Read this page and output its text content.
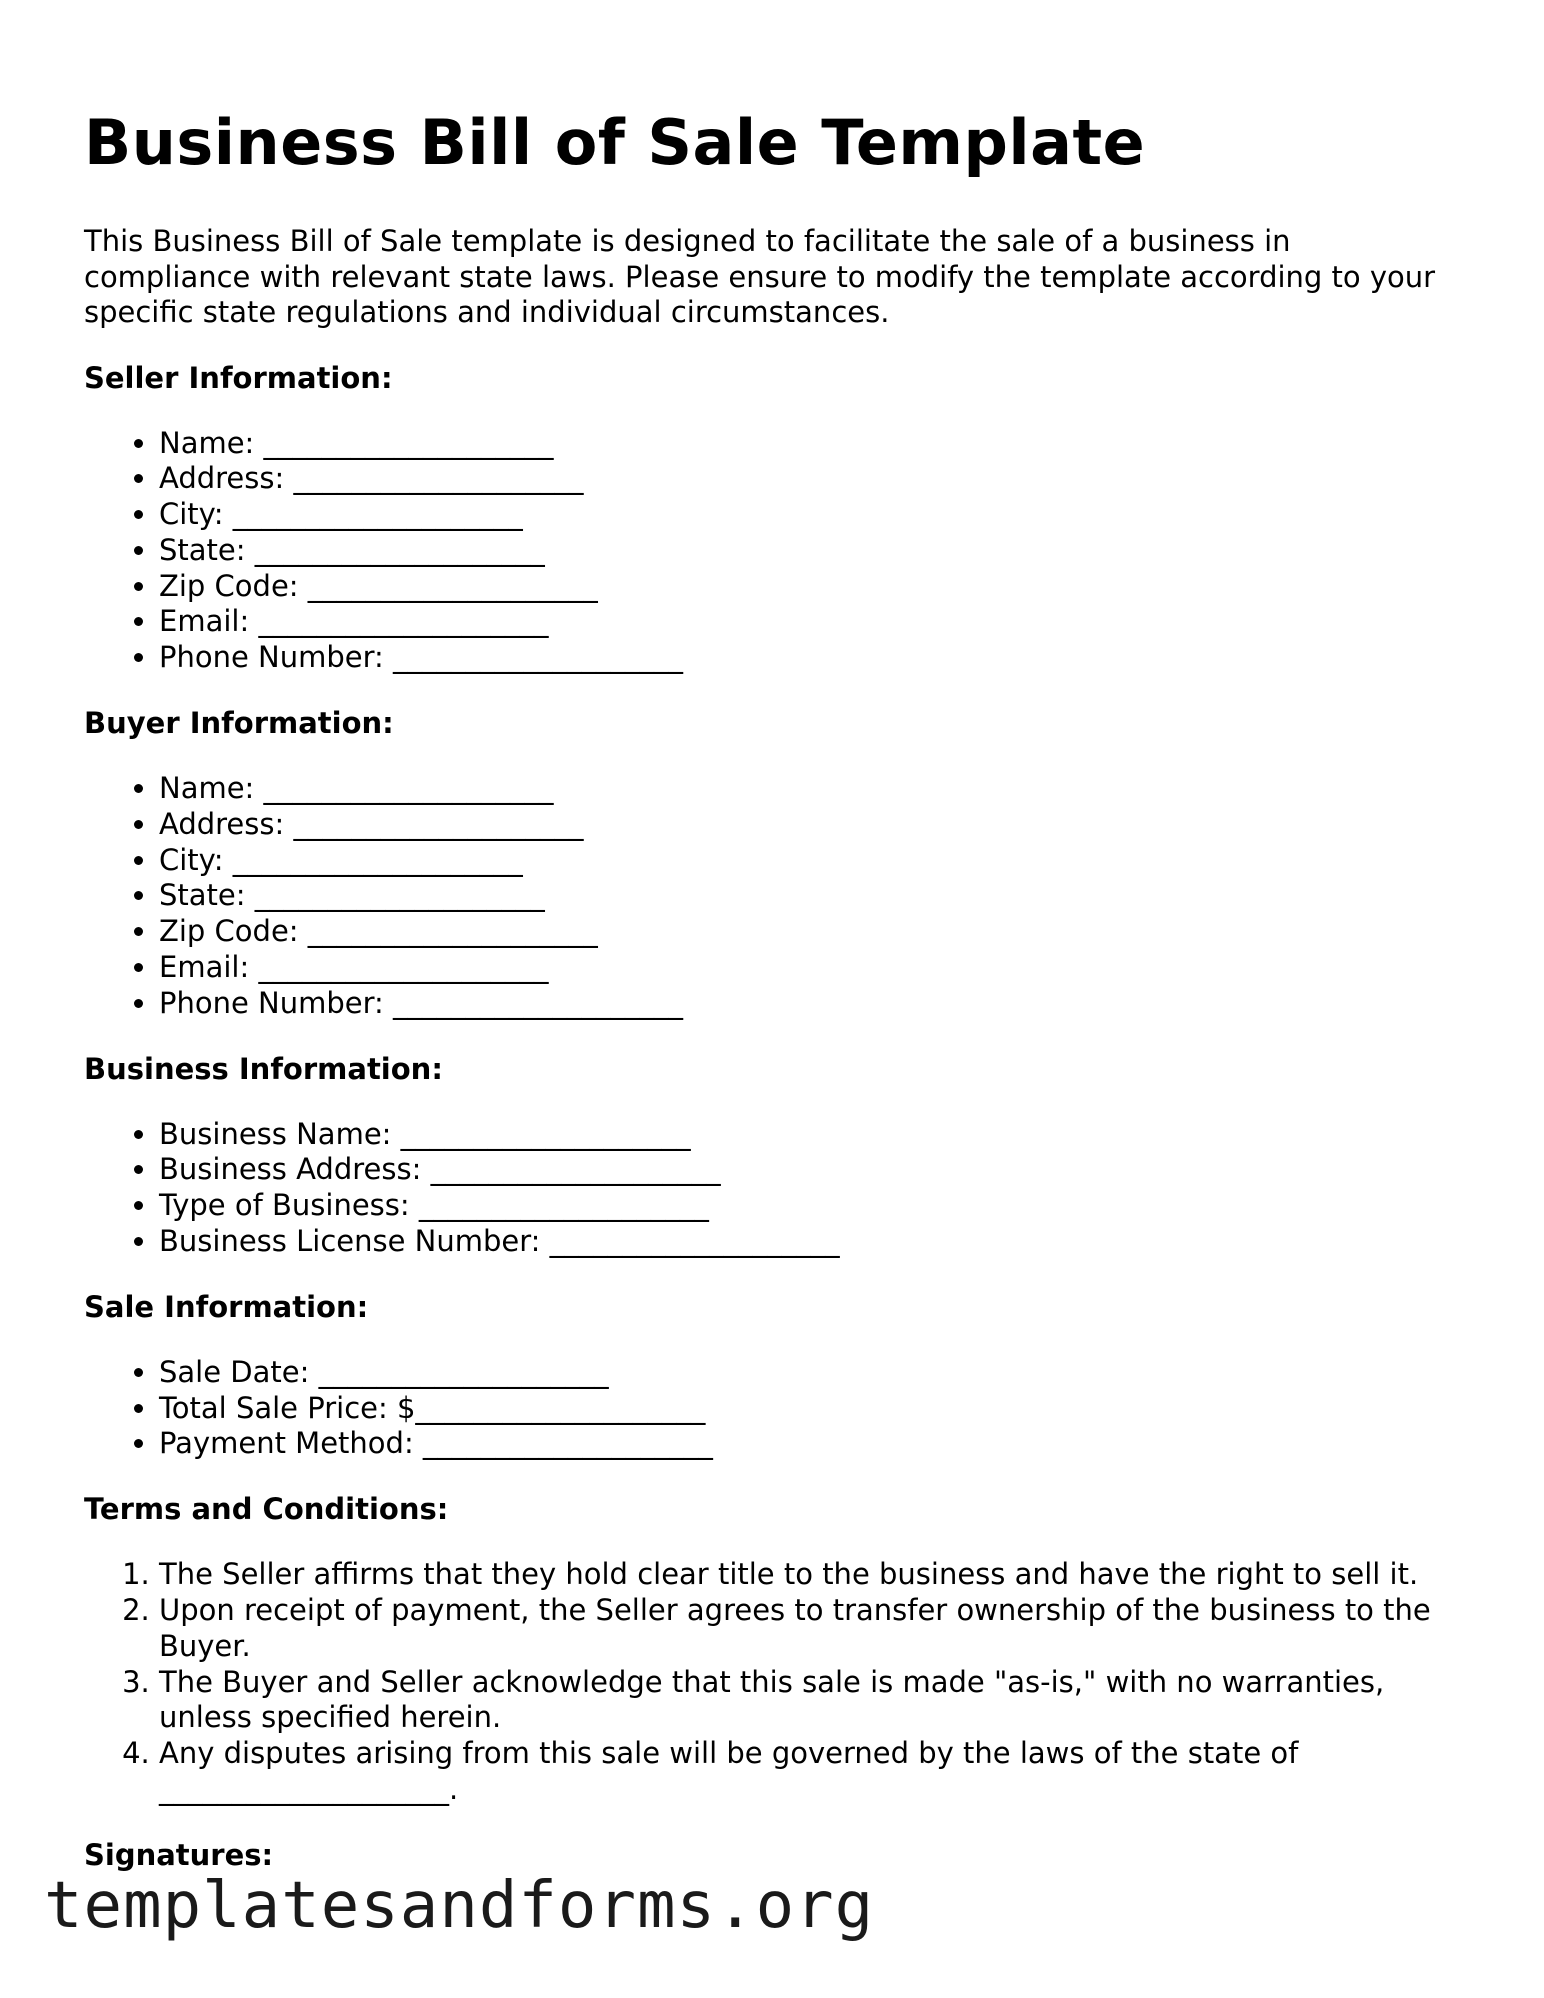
Business Bill of Sale Template

This Business Bill of Sale template is designed to facilitate the sale of a business in compliance with relevant state laws. Please ensure to modify the template according to your specific state regulations and individual circumstances.

Seller Information:
• Name: ____________________
• Address: ____________________
• City: ____________________
• State: ____________________
• Zip Code: ____________________
• Email: ____________________
• Phone Number: ____________________
Buyer Information:
• Name: ____________________
• Address: ____________________
• City: ____________________
• State: ____________________
• Zip Code: ____________________
• Email: ____________________
• Phone Number: ____________________
Business Information:
• Business Name: ____________________
• Business Address: ____________________
• Type of Business: ____________________
• Business License Number: ____________________
Sale Information:
• Sale Date: ____________________
• Total Sale Price: $____________________
• Payment Method: ____________________
Terms and Conditions:
1. The Seller affirms that they hold clear title to the business and have the right to sell it.
2. Upon receipt of payment, the Seller agrees to transfer ownership of the business to the Buyer.
3. The Buyer and Seller acknowledge that this sale is made "as-is," with no warranties, unless specified herein.
4. Any disputes arising from this sale will be governed by the laws of the state of ____________________.
Signatures:
templatesandforms.org
